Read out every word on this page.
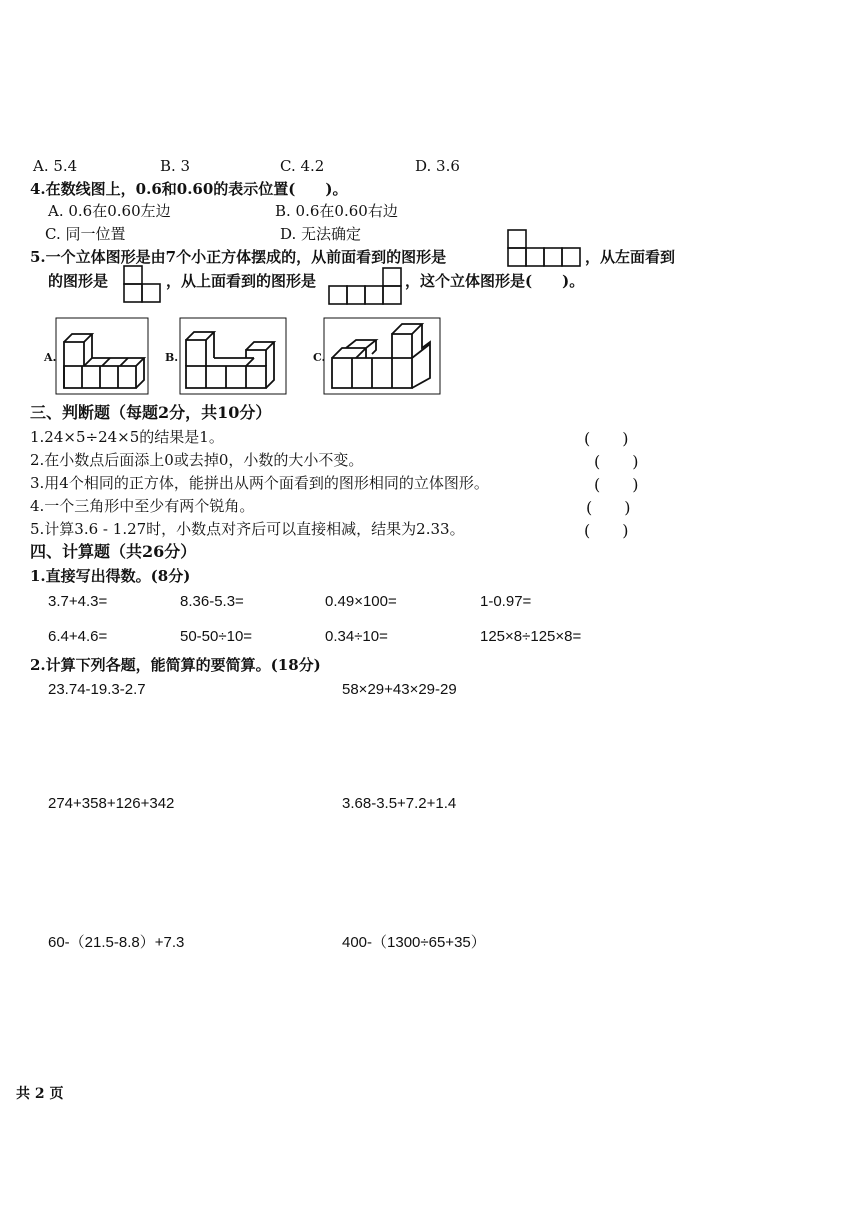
A. 5.4	B. 3	C. 4.2	D. 3.6
4.在数线图上，0.6和0.60的表示位置(　　)。
A. 0.6在0.60左边	B. 0.6在0.60右边
C. 同一位置	D. 无法确定
5.一个立体图形是由7个小正方体摆成的，从前面看到的图形是	，从左面看到
的图形是	，从上面看到的图形是	，这个立体图形是(　　)。
A.	B.	C.
三、判断题（每题2分，共10分）
1.24×5÷24×5的结果是1。	(　　)
2.在小数点后面添上0或去掉0，小数的大小不变。	(　　)
3.用4个相同的正方体，能拼出从两个面看到的图形相同的立体图形。	(　　)
4.一个三角形中至少有两个锐角。	(　　)
5.计算3.6 - 1.27时，小数点对齐后可以直接相减，结果为2.33。	(　　)
四、计算题（共26分）
1.直接写出得数。(8分)
3.7+4.3=	8.36-5.3=	0.49×100=	1-0.97=
6.4+4.6=	50-50÷10=	0.34÷10=	125×8÷125×8=
2.计算下列各题，能简算的要简算。(18分)
23.74-19.3-2.7	58×29+43×29-29
274+358+126+342	3.68-3.5+7.2+1.4
60-（21.5-8.8）+7.3	400-（1300÷65+35）
共 2 页
